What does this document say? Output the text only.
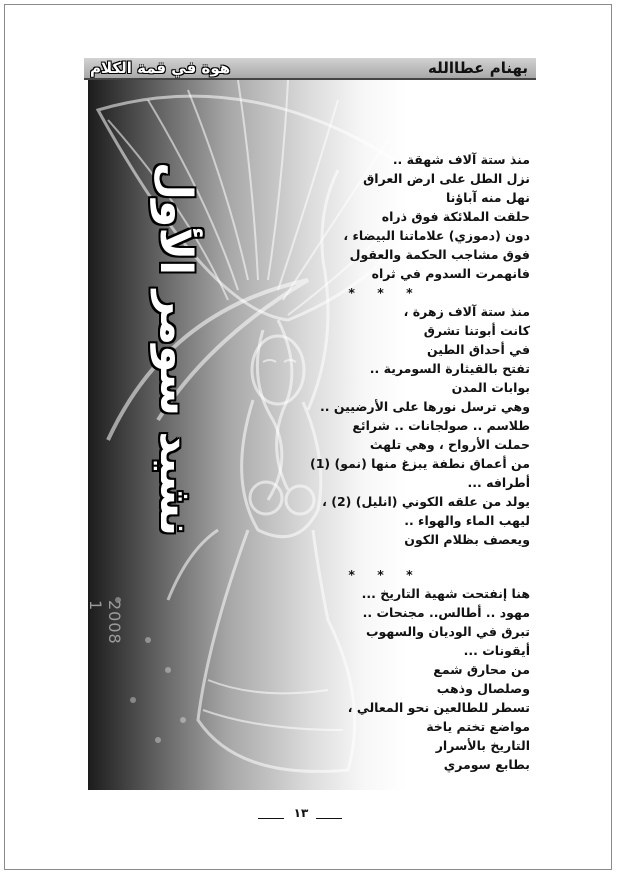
هوة في قمة الكلام	بهنام عطاالله
2008 1
نشيد سومر الأول
منذ ستة آلاف شهقة ..
نزل الطل على ارض العراق
نهل منه آباؤنا
حلقت الملائكة فوق ذراه
دون (دموزي) علاماتنا البيضاء ،
فوق مشاجب الحكمة والعقول
فانهمرت السدوم في ثراه
* * *
منذ ستة آلاف زهرة ،
كانت أبوتنا تشرق
في أحداق الطين
تفتح بالقيثارة السومرية ..
بوابات المدن
وهي ترسل نورها على الأرضيين ..
طلاسم .. صولجانات .. شرائع
حملت الأرواح ، وهي تلهث
من أعماق نطفة يبزغ منها (نمو) (1)
أطرافه ...
يولد من علقه الكوني (انليل) (2) ،
ليهب الماء والهواء ..
ويعصف بظلام الكون
* * *
هنا إنفتحت شهية التاريخ ...
مهود .. أطالس.. مجنحات ..
تبرق في الوديان والسهوب
أيقونات ...
من محارق شمع
وصلصال وذهب
تسطر للطالعين نحو المعالي ،
مواضع تختم ياخة
التاريخ بالأسرار
بطابع سومري
١٣
